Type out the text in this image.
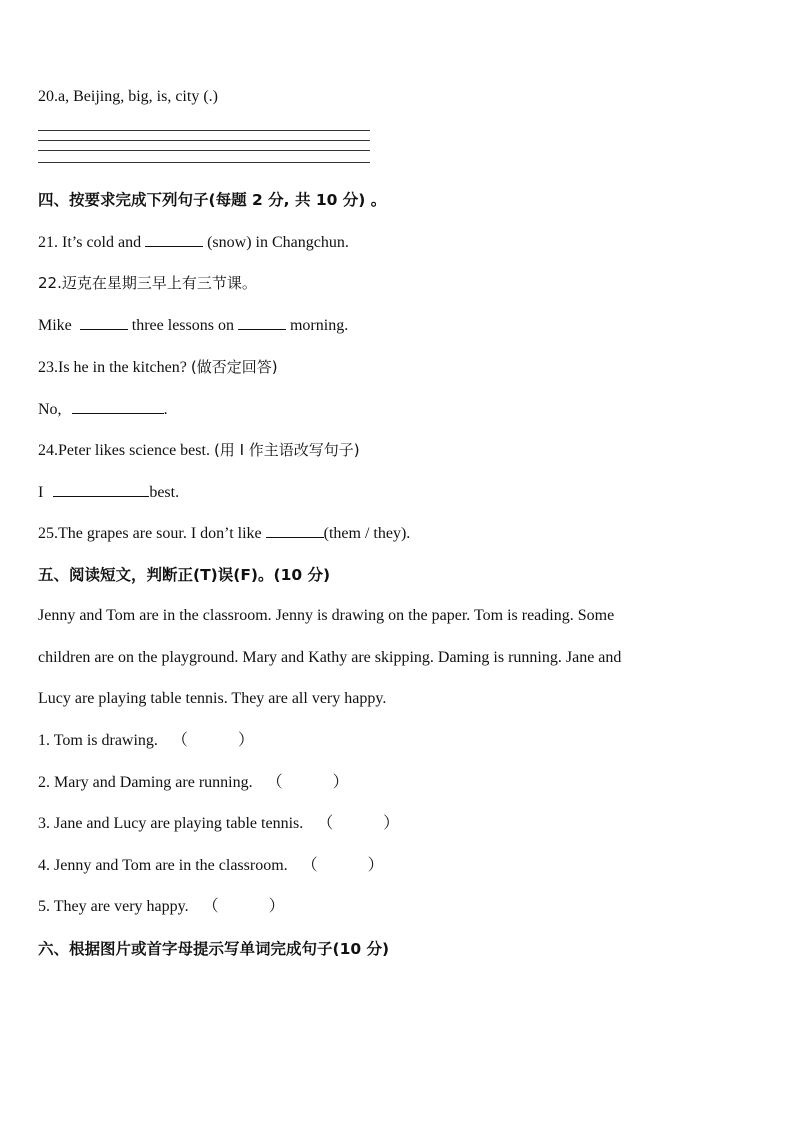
20.a, Beijing, big, is, city (.)
四、按要求完成下列句子(每题 2 分, 共 10 分) 。
21. It’s cold and	(snow) in Changchun.
22.迈克在星期三早上有三节课。
Mike	three lessons on	morning.
23.Is he in the kitchen? (做否定回答)
No,	.
24.Peter likes science best. (用 I 作主语改写句子)
I	best.
25.The grapes are sour. I don’t like	(them / they).
五、阅读短文，判断正(T)误(F)。(10 分)
Jenny and Tom are in the classroom. Jenny is drawing on the paper. Tom is reading. Some
children are on the playground. Mary and Kathy are skipping. Daming is running. Jane and
Lucy are playing table tennis. They are all very happy.
1. Tom is drawing. （	）
2. Mary and Daming are running. （	）
3. Jane and Lucy are playing table tennis. （	）
4. Jenny and Tom are in the classroom. （	）
5. They are very happy. （	）
六、根据图片或首字母提示写单词完成句子(10 分)
